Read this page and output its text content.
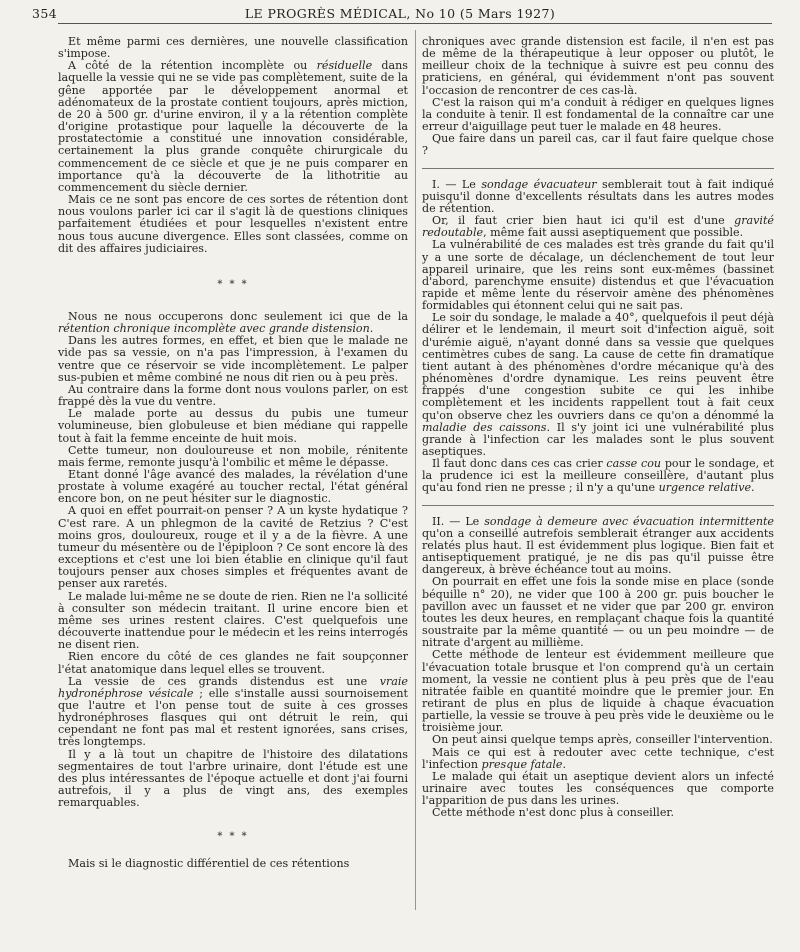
354	LE PROGRÈS MÉDICAL, No 10 (5 Mars 1927)

Et même parmi ces dernières, une nouvelle classification s'impose.

A côté de la rétention incomplète ou résiduelle dans laquelle la vessie qui ne se vide pas complètement, suite de la gêne apportée par le développement anormal et adénomateux de la prostate contient toujours, après miction, de 20 à 500 gr. d'urine environ, il y a la rétention complète d'origine protastique pour laquelle la découverte de la prostatectomie a constitué une innovation considérable, certainement la plus grande conquête chirurgicale du commencement de ce siècle et que je ne puis comparer en importance qu'à la découverte de la lithotritie au commencement du siècle dernier.

Mais ce ne sont pas encore de ces sortes de rétention dont nous voulons parler ici car il s'agit là de questions cliniques parfaitement étudiées et pour lesquelles n'existent entre nous tous aucune divergence. Elles sont classées, comme on dit des affaires judiciaires.

* * *

Nous ne nous occuperons donc seulement ici que de la rétention chronique incomplète avec grande distension.

Dans les autres formes, en effet, et bien que le malade ne vide pas sa vessie, on n'a pas l'impression, à l'examen du ventre que ce réservoir se vide incomplètement. Le palper sus-pubien et même combiné ne nous dit rien ou à peu près.

Au contraire dans la forme dont nous voulons parler, on est frappé dès la vue du ventre.

Le malade porte au dessus du pubis une tumeur volumineuse, bien globuleuse et bien médiane qui rappelle tout à fait la femme enceinte de huit mois.

Cette tumeur, non douloureuse et non mobile, rénitente mais ferme, remonte jusqu'à l'ombilic et même le dépasse.

Etant donné l'âge avancé des malades, la révélation d'une prostate à volume exagéré au toucher rectal, l'état général encore bon, on ne peut hésiter sur le diagnostic.

A quoi en effet pourrait-on penser ? A un kyste hydatique ? C'est rare. A un phlegmon de la cavité de Retzius ? C'est moins gros, douloureux, rouge et il y a de la fièvre. A une tumeur du mésentère ou de l'épiploon ? Ce sont encore là des exceptions et c'est une loi bien établie en clinique qu'il faut toujours penser aux choses simples et fréquentes avant de penser aux raretés.

Le malade lui-même ne se doute de rien. Rien ne l'a sollicité à consulter son médecin traitant. Il urine encore bien et même ses urines restent claires. C'est quelquefois une découverte inattendue pour le médecin et les reins interrogés ne disent rien.

Rien encore du côté de ces glandes ne fait soupçonner l'état anatomique dans lequel elles se trouvent.

La vessie de ces grands distendus est une vraie hydronéphrose vésicale ; elle s'installe aussi sournoisement que l'autre et l'on pense tout de suite à ces grosses hydronéphroses flasques qui ont détruit le rein, qui cependant ne font pas mal et restent ignorées, sans crises, très longtemps.

Il y a là tout un chapitre de l'histoire des dilatations segmentaires de tout l'arbre urinaire, dont l'étude est une des plus intéressantes de l'époque actuelle et dont j'ai fourni autrefois, il y a plus de vingt ans, des exemples remarquables.

* * *

Mais si le diagnostic différentiel de ces rétentions

chroniques avec grande distension est facile, il n'en est pas de même de la thérapeutique à leur opposer ou plutôt, le meilleur choix de la technique à suivre est peu connu des praticiens, en général, qui évidemment n'ont pas souvent l'occasion de rencontrer de ces cas-là.

C'est la raison qui m'a conduit à rédiger en quelques lignes la conduite à tenir. Il est fondamental de la connaître car une erreur d'aiguillage peut tuer le malade en 48 heures.

Que faire dans un pareil cas, car il faut faire quelque chose ?

I. — Le sondage évacuateur semblerait tout à fait indiqué puisqu'il donne d'excellents résultats dans les autres modes de rétention.

Or, il faut crier bien haut ici qu'il est d'une gravité redoutable, même fait aussi aseptiquement que possible.

La vulnérabilité de ces malades est très grande du fait qu'il y a une sorte de décalage, un déclenchement de tout leur appareil urinaire, que les reins sont eux-mêmes (bassinet d'abord, parenchyme ensuite) distendus et que l'évacuation rapide et même lente du réservoir amène des phénomènes formidables qui étonnent celui qui ne sait pas.

Le soir du sondage, le malade a 40°, quelquefois il peut déjà délirer et le lendemain, il meurt soit d'infection aiguë, soit d'urémie aiguë, n'ayant donné dans sa vessie que quelques centimètres cubes de sang. La cause de cette fin dramatique tient autant à des phénomènes d'ordre mécanique qu'à des phénomènes d'ordre dynamique. Les reins peuvent être frappés d'une congestion subite ce qui les inhibe complètement et les incidents rappellent tout à fait ceux qu'on observe chez les ouvriers dans ce qu'on a dénommé la maladie des caissons. Il s'y joint ici une vulnérabilité plus grande à l'infection car les malades sont le plus souvent aseptiques.

Il faut donc dans ces cas crier casse cou pour le sondage, et la prudence ici est la meilleure conseillère, d'autant plus qu'au fond rien ne presse ; il n'y a qu'une urgence relative.

II. — Le sondage à demeure avec évacuation intermittente qu'on a conseillé autrefois semblerait étranger aux accidents relatés plus haut. Il est évidemment plus logique. Bien fait et antiseptiquement pratiqué, je ne dis pas qu'il puisse être dangereux, à brève échéance tout au moins.

On pourrait en effet une fois la sonde mise en place (sonde béquille n° 20), ne vider que 100 à 200 gr. puis boucher le pavillon avec un fausset et ne vider que par 200 gr. environ toutes les deux heures, en remplaçant chaque fois la quantité soustraite par la même quantité — ou un peu moindre — de nitrate d'argent au millième.

Cette méthode de lenteur est évidemment meilleure que l'évacuation totale brusque et l'on comprend qu'à un certain moment, la vessie ne contient plus à peu près que de l'eau nitratée faible en quantité moindre que le premier jour. En retirant de plus en plus de liquide à chaque évacuation partielle, la vessie se trouve à peu près vide le deuxième ou le troisième jour.

On peut ainsi quelque temps après, conseiller l'intervention.

Mais ce qui est à redouter avec cette technique, c'est l'infection presque fatale.

Le malade qui était un aseptique devient alors un infecté urinaire avec toutes les conséquences que comporte l'apparition de pus dans les urines.

Cette méthode n'est donc plus à conseiller.
